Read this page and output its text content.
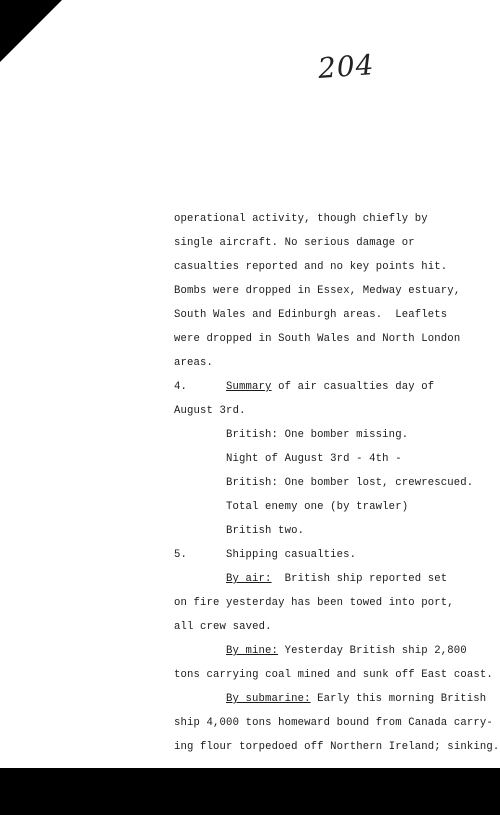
204
operational activity, though chiefly by
single aircraft. No serious damage or
casualties reported and no key points hit.
Bombs were dropped in Essex, Medway estuary,
South Wales and Edinburgh areas.  Leaflets
were dropped in South Wales and North London
areas.
4.	Summary of air casualties day of
August 3rd.
British: One bomber missing.
Night of August 3rd - 4th -
British: One bomber lost, crewrescued.
Total enemy one (by trawler)
British two.
5.	Shipping casualties.
By air:  British ship reported set
on fire yesterday has been towed into port,
all crew saved.
By mine: Yesterday British ship 2,800
tons carrying coal mined and sunk off East coast.
By submarine: Early this morning British
ship 4,000 tons homeward bound from Canada carry-
ing flour torpedoed off Northern Ireland; sinking.
